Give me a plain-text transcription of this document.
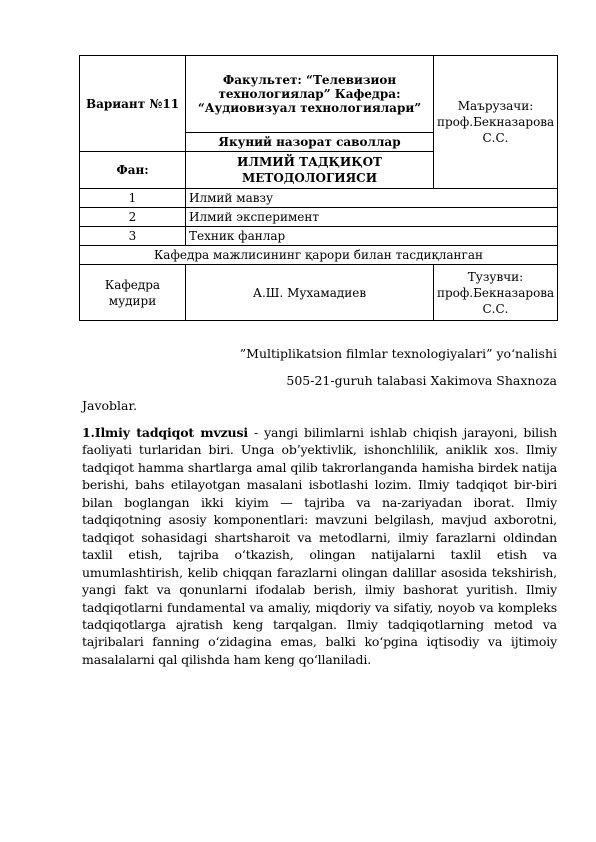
Вариант №11	Факультет: “Телевизион технологиялар” Кафедра: “Аудиовизуал технологиялари”	Маърузачи: проф.Бекназарова С.С.
	Якуний назорат саволлар	
Фан:	ИЛМИЙ ТАДҚИҚОТ МЕТОДОЛОГИЯСИ	
1	Илмий мавзу	
2	Илмий эксперимент	
3	Техник фанлар	
Кафедра мажлисининг қарори билан тасдиқланган		
Кафедра мудири	А.Ш. Мухамадиев	Тузувчи: проф.Бекназарова С.С.
”Multiplikatsion filmlar texnologiyalari” yo‘nalishi
505-21-guruh talabasi Xakimova Shaxnoza
Javoblar.
1.Ilmiy tadqiqot mvzusi - yangi bilimlarni ishlab chiqish jarayoni, bilish faoliyati turlaridan biri. Unga ob’yektivlik, ishonchlilik, aniklik xos. Ilmiy tadqiqot hamma shartlarga amal qilib takrorlanganda hamisha birdek natija berishi, bahs etilayotgan masalani isbotlashi lozim. Ilmiy tadqiqot bir-biri bilan boglangan ikki kiyim — tajriba va na-zariyadan iborat. Ilmiy tadqiqotning asosiy komponentlari: mavzuni belgilash, mavjud axborotni, tadqiqot sohasidagi shartsharoit va metodlarni, ilmiy farazlarni oldindan taxlil etish, tajriba o‘tkazish, olingan natijalarni taxlil etish va umumlashtirish, kelib chiqqan farazlarni olingan dalillar asosida tekshirish, yangi fakt va qonunlarni ifodalab berish, ilmiy bashorat yuritish. Ilmiy tadqiqotlarni fundamental va amaliy, miqdoriy va sifatiy, noyob va kompleks tadqiqotlarga ajratish keng tarqalgan. Ilmiy tadqiqotlarning metod va tajribalari fanning o‘zidagina emas, balki ko‘pgina iqtisodiy va ijtimoiy masalalarni qal qilishda ham keng qo‘llaniladi.
